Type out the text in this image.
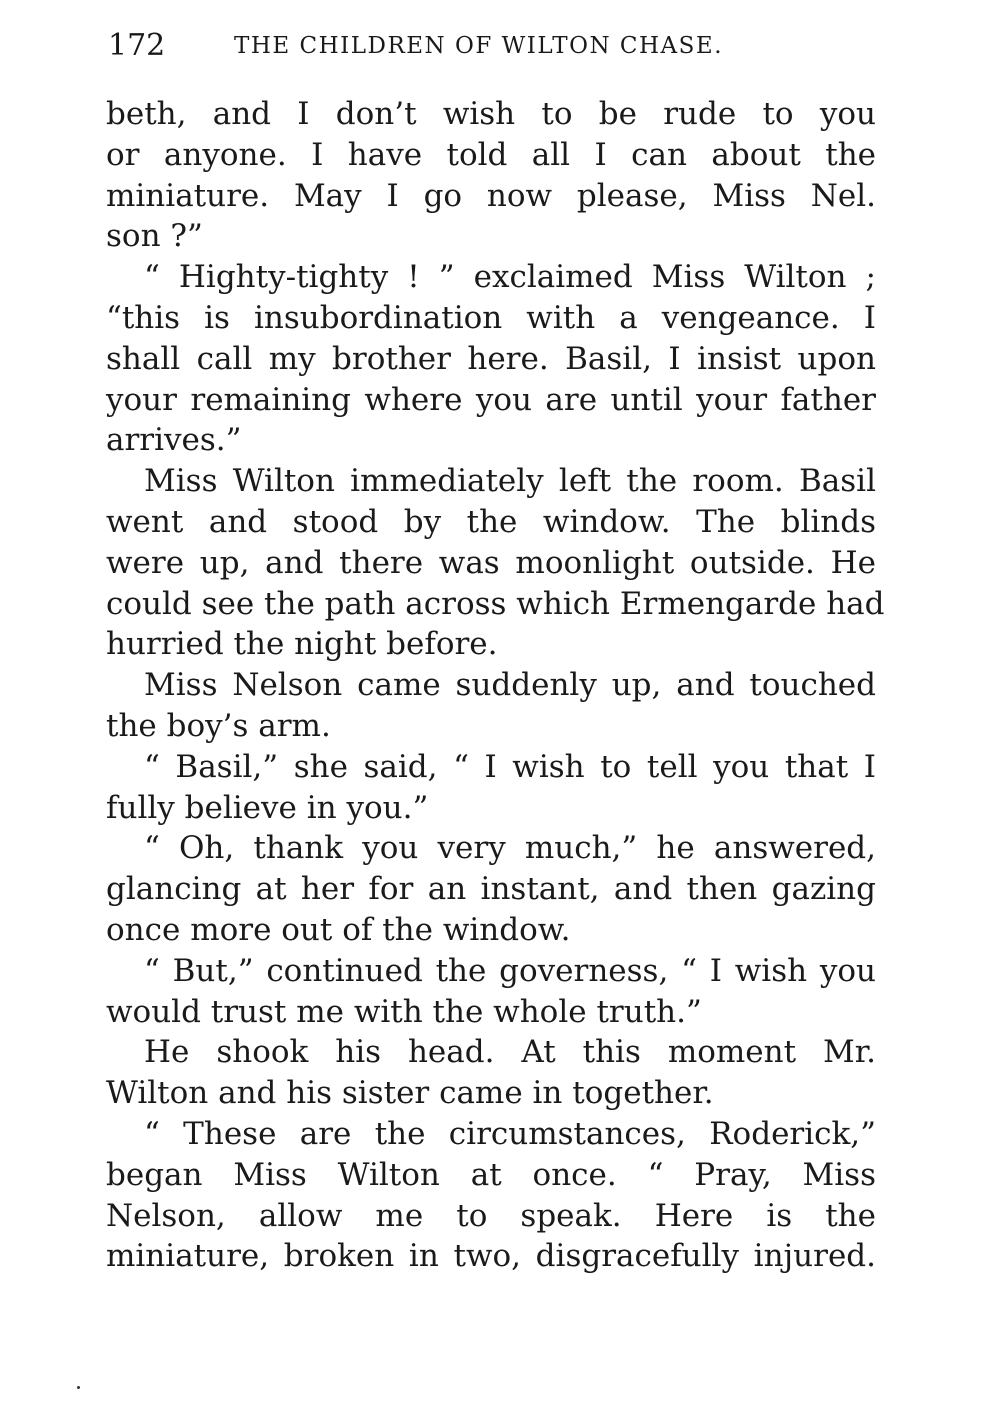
172	THE CHILDREN OF WILTON CHASE.
beth, and I don’t wish to be rude to you
or anyone. I have told all I can about the
miniature. May I go now please, Miss Nel.
son ?”
“ Highty-tighty ! ” exclaimed Miss Wilton ;
“this is insubordination with a vengeance. I
shall call my brother here. Basil, I insist upon
your remaining where you are until your father
arrives.”
Miss Wilton immediately left the room. Basil
went and stood by the window. The blinds
were up, and there was moonlight outside. He
could see the path across which Ermengarde had
hurried the night before.
Miss Nelson came suddenly up, and touched
the boy’s arm.
“ Basil,” she said, “ I wish to tell you that I
fully believe in you.”
“ Oh, thank you very much,” he answered,
glancing at her for an instant, and then gazing
once more out of the window.
“ But,” continued the governess, “ I wish you
would trust me with the whole truth.”
He shook his head. At this moment Mr.
Wilton and his sister came in together.
“ These are the circumstances, Roderick,”
began Miss Wilton at once. “ Pray, Miss
Nelson, allow me to speak. Here is the
miniature, broken in two, disgracefully injured.
